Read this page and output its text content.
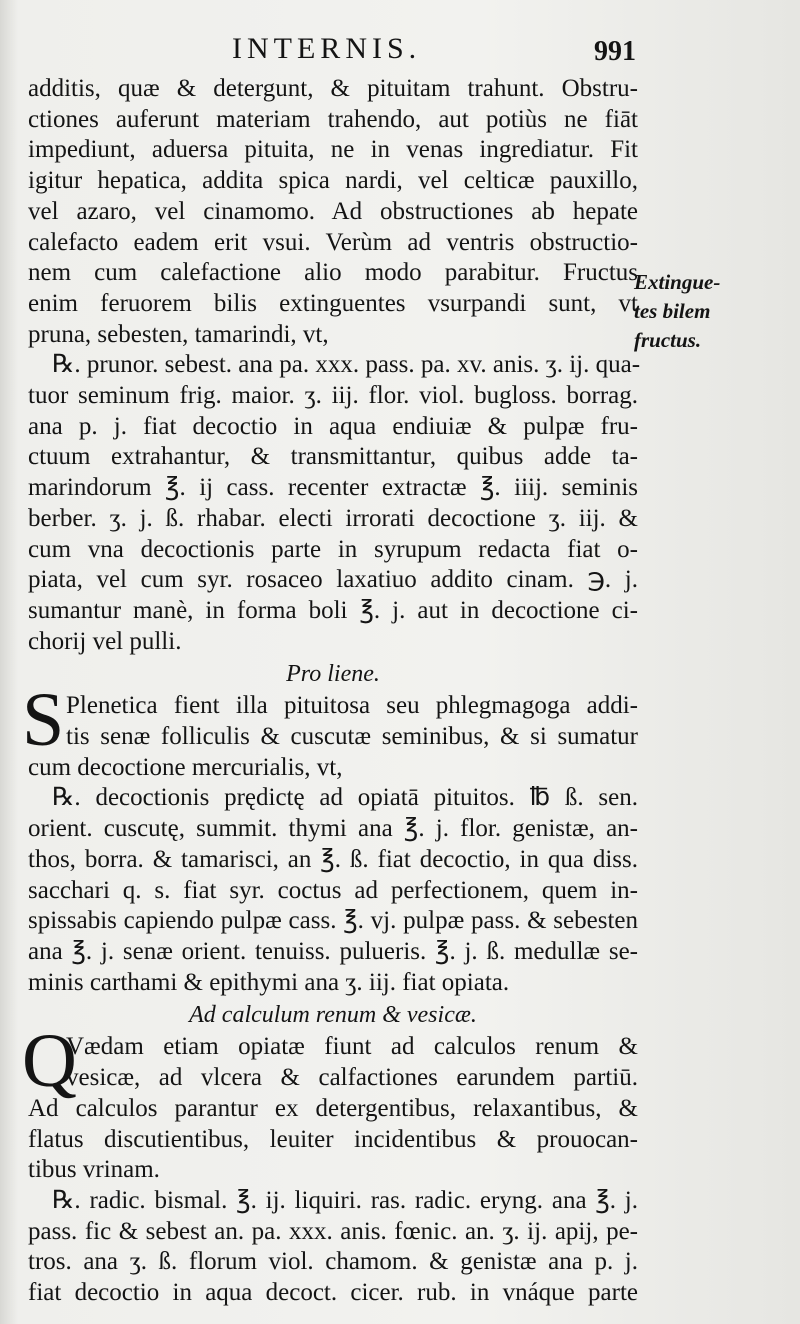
INTERNIS.	991
Extingue-
tes bilem
fructus.
additis, quæ & detergunt, & pituitam trahunt. Obstru-
ctiones auferunt materiam trahendo, aut potiùs ne fiāt
impediunt, aduersa pituita, ne in venas ingrediatur. Fit
igitur hepatica, addita spica nardi, vel celticæ pauxillo,
vel azaro, vel cinamomo. Ad obstructiones ab hepate
calefacto eadem erit vsui. Verùm ad ventris obstructio-
nem cum calefactione alio modo parabitur. Fructus
enim feruorem bilis extinguentes vsurpandi sunt, vt
pruna, sebesten, tamarindi, vt,
℞. prunor. sebest. ana pa. xxx. pass. pa. xv. anis. ʒ. ij. qua-
tuor seminum frig. maior. ʒ. iij. flor. viol. bugloss. borrag.
ana p. j. fiat decoctio in aqua endiuiæ & pulpæ fru-
ctuum extrahantur, & transmittantur, quibus adde ta-
marindorum ℥. ij cass. recenter extractæ ℥. iiij. seminis
berber. ʒ. j. ß. rhabar. electi irrorati decoctione ʒ. iij. &
cum vna decoctionis parte in syrupum redacta fiat o-
piata, vel cum syr. rosaceo laxatiuo addito cinam. ℈. j.
sumantur manè, in forma boli ℥. j. aut in decoctione ci-
chorij vel pulli.
Pro liene.
S Plenetica fient illa pituitosa seu phlegmagoga addi-
tis senæ folliculis & cuscutæ seminibus, & si sumatur
cum decoctione mercurialis, vt,
℞. decoctionis prędictę ad opiatā pituitos. ℔ ß. sen.
orient. cuscutę, summit. thymi ana ℥. j. flor. genistæ, an-
thos, borra. & tamarisci, an ℥. ß. fiat decoctio, in qua diss.
sacchari q. s. fiat syr. coctus ad perfectionem, quem in-
spissabis capiendo pulpæ cass. ℥. vj. pulpæ pass. & sebesten
ana ℥. j. senæ orient. tenuiss. pulueris. ℥. j. ß. medullæ se-
minis carthami & epithymi ana ʒ. iij. fiat opiata.
Ad calculum renum & vesicæ.
Q
Vædam etiam opiatæ fiunt ad calculos renum &
vesicæ, ad vlcera & calfactiones earundem partiū.
Ad calculos parantur ex detergentibus, relaxantibus, &
flatus discutientibus, leuiter incidentibus & prouocan-
tibus vrinam.
℞. radic. bismal. ℥. ij. liquiri. ras. radic. eryng. ana ℥. j.
pass. fic & sebest an. pa. xxx. anis. fœnic. an. ʒ. ij. apij, pe-
tros. ana ʒ. ß. florum viol. chamom. & genistæ ana p. j.
fiat decoctio in aqua decoct. cicer. rub. in vnáque parte
